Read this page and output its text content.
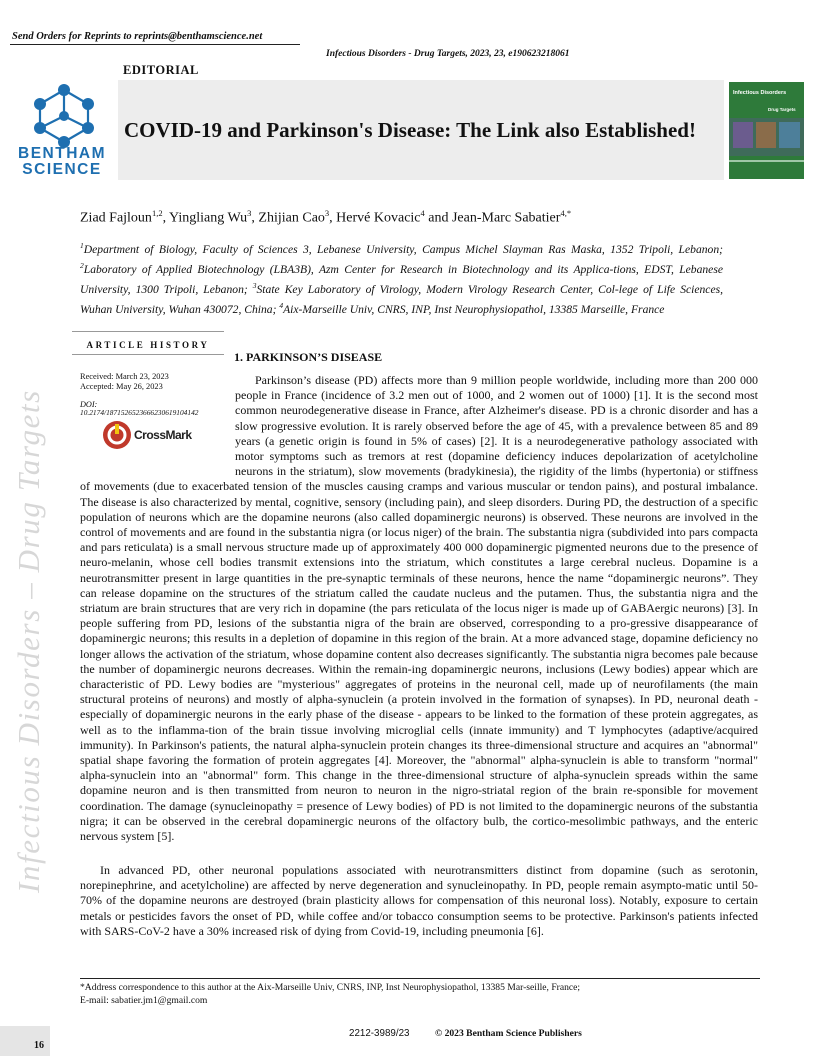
Send Orders for Reprints to reprints@benthamscience.net
Infectious Disorders - Drug Targets, 2023, 23, e190623218061
EDITORIAL
BENTHAM
SCIENCE
COVID-19 and Parkinson's Disease: The Link also Established!
Infectious Disorders
Drug Targets
Ziad Fajloun$^{1,2}$, Yingliang Wu$^3$, Zhijian Cao$^3$, Hervé Kovacic$^4$ and Jean-Marc Sabatier$^{4,*}$
$^1$Department of Biology, Faculty of Sciences 3, Lebanese University, Campus Michel Slayman Ras Maska, 1352 Tripoli, Lebanon; $^2$Laboratory of Applied Biotechnology (LBA3B), Azm Center for Research in Biotechnology and its Applica-tions, EDST, Lebanese University, 1300 Tripoli, Lebanon; $^3$State Key Laboratory of Virology, Modern Virology Research Center, Col-lege of Life Sciences, Wuhan University, Wuhan 430072, China; $^4$Aix-Marseille Univ, CNRS, INP, Inst Neurophysiopathol, 13385 Marseille, France
ARTICLE HISTORY
Received: March 23, 2023
Accepted: May 26, 2023
DOI:
10.2174/1871526523666230619104142
CrossMark
1. PARKINSON’S DISEASE
Parkinson’s disease (PD) affects more than 9 million people worldwide, including more than 200 000 people in France (incidence of 3.2 men out of 1000, and 2 women out of 1000) [1]. It is the second most common neurodegenerative disease in France, after Alzheimer's disease. PD is a chronic disorder and has a slow progressive evolution. It is rarely observed before the age of 45, with a prevalence between 85 and 89 years (a genetic origin is found in 5% of cases) [2]. It is a neurodegenerative pathology associated with motor symptoms such as tremors at rest (dopamine deficiency induces depolarization of acetylcholine neurons in the striatum), slow movements (bradykinesia), the rigidity of the limbs (hypertonia) or stiffness of movements (due to exacerbated tension of the muscles causing cramps and various muscular or tendon pains), and postural imbalance. The disease is also characterized by mental, cognitive, sensory (including pain), and sleep disorders. During PD, the destruction of a specific population of neurons which are the dopamine neurons (also called dopaminergic neurons) is observed. These neurons are involved in the control of movements and are found in the substantia nigra (or locus niger) of the brain. The substantia nigra (subdivided into pars compacta and pars reticulata) is a small nervous structure made up of approximately 400 000 dopaminergic pigmented neurons due to the presence of neuro-melanin, whose cell bodies transmit extensions into the striatum, which constitutes a large cerebral nucleus. Dopamine is a neurotransmitter present in large quantities in the pre-synaptic terminals of these neurons, hence the name “dopaminergic neurons”. They can release dopamine on the structures of the striatum called the caudate nucleus and the putamen. Thus, the substantia nigra and the striatum are brain structures that are very rich in dopamine (the pars reticulata of the locus niger is made up of GABAergic neurons) [3]. In people suffering from PD, lesions of the substantia nigra of the brain are observed, corresponding to a pro-gressive disappearance of dopaminergic neurons; this results in a depletion of dopamine in this region of the brain. At a more advanced stage, dopamine deficiency no longer allows the activation of the striatum, whose dopamine content also decreases significantly. The substantia nigra becomes pale because the number of dopaminergic neurons decreases. Within the remain-ing dopaminergic neurons, inclusions (Lewy bodies) appear which are characteristic of PD. Lewy bodies are "mysterious" aggregates of proteins in the neuronal cell, made up of neurofilaments (the main structural proteins of neurons) and mostly of alpha-synuclein (a protein involved in the formation of synapses). In PD, neuronal death - especially of dopaminergic neurons in the early phase of the disease - appears to be linked to the formation of these protein aggregates, as well as to the inflamma-tion of the brain tissue involving microglial cells (innate immunity) and T lymphocytes (adaptive/acquired immunity). In Parkinson's patients, the natural alpha-synuclein protein changes its three-dimensional structure and acquires an "abnormal" spatial shape favoring the formation of protein aggregates [4]. Moreover, the "abnormal" alpha-synuclein is able to transform "normal" alpha-synuclein into an "abnormal" form. This change in the three-dimensional structure of alpha-synuclein spreads within the same dopamine neuron and is then transmitted from neuron to neuron in the nigro-striatal region of the brain re-sponsible for movement coordination. The damage (synucleinopathy = presence of Lewy bodies) of PD is not limited to the dopaminergic neurons of the substantia nigra; it can be observed in the cerebral dopaminergic neurons of the olfactory bulb, the cortico-mesolimbic pathways, and the enteric nervous system [5].
In advanced PD, other neuronal populations associated with neurotransmitters distinct from dopamine (such as serotonin, norepinephrine, and acetylcholine) are affected by nerve degeneration and synucleinopathy. In PD, people remain asympto-matic until 50-70% of the dopamine neurons are destroyed (brain plasticity allows for compensation of this neuronal loss). Notably, exposure to certain metals or pesticides favors the onset of PD, while coffee and/or tobacco consumption seems to be protective. Parkinson's patients infected with SARS-CoV-2 have a 30% increased risk of dying from Covid-19, including pneumonia [6].
*Address correspondence to this author at the Aix-Marseille Univ, CNRS, INP, Inst Neurophysiopathol, 13385 Mar-seille, France;
E-mail: sabatier.jm1@gmail.com
Infectious Disorders – Drug Targets
16
2212-3989/23	© 2023 Bentham Science Publishers
